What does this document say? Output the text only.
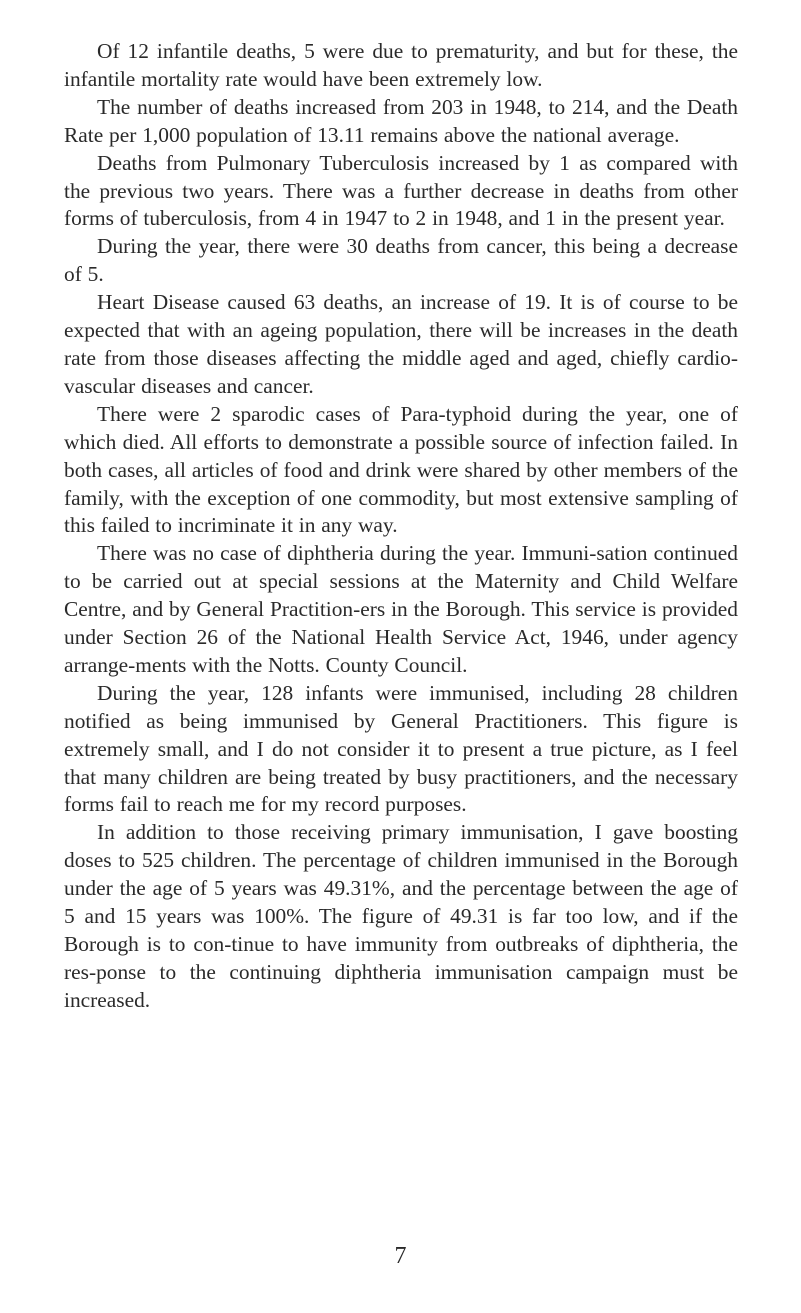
Of 12 infantile deaths, 5 were due to prematurity, and but for these, the infantile mortality rate would have been extremely low.

The number of deaths increased from 203 in 1948, to 214, and the Death Rate per 1,000 population of 13.11 remains above the national average.

Deaths from Pulmonary Tuberculosis increased by 1 as compared with the previous two years. There was a further decrease in deaths from other forms of tuberculosis, from 4 in 1947 to 2 in 1948, and 1 in the present year.

During the year, there were 30 deaths from cancer, this being a decrease of 5.

Heart Disease caused 63 deaths, an increase of 19. It is of course to be expected that with an ageing population, there will be increases in the death rate from those diseases affecting the middle aged and aged, chiefly cardio-vascular diseases and cancer.

There were 2 sparodic cases of Para-typhoid during the year, one of which died. All efforts to demonstrate a possible source of infection failed. In both cases, all articles of food and drink were shared by other members of the family, with the exception of one commodity, but most extensive sampling of this failed to incriminate it in any way.

There was no case of diphtheria during the year. Immuni-sation continued to be carried out at special sessions at the Maternity and Child Welfare Centre, and by General Practition-ers in the Borough. This service is provided under Section 26 of the National Health Service Act, 1946, under agency arrange-ments with the Notts. County Council.

During the year, 128 infants were immunised, including 28 children notified as being immunised by General Practitioners. This figure is extremely small, and I do not consider it to present a true picture, as I feel that many children are being treated by busy practitioners, and the necessary forms fail to reach me for my record purposes.

In addition to those receiving primary immunisation, I gave boosting doses to 525 children. The percentage of children immunised in the Borough under the age of 5 years was 49.31%, and the percentage between the age of 5 and 15 years was 100%. The figure of 49.31 is far too low, and if the Borough is to con-tinue to have immunity from outbreaks of diphtheria, the res-ponse to the continuing diphtheria immunisation campaign must be increased.

7
